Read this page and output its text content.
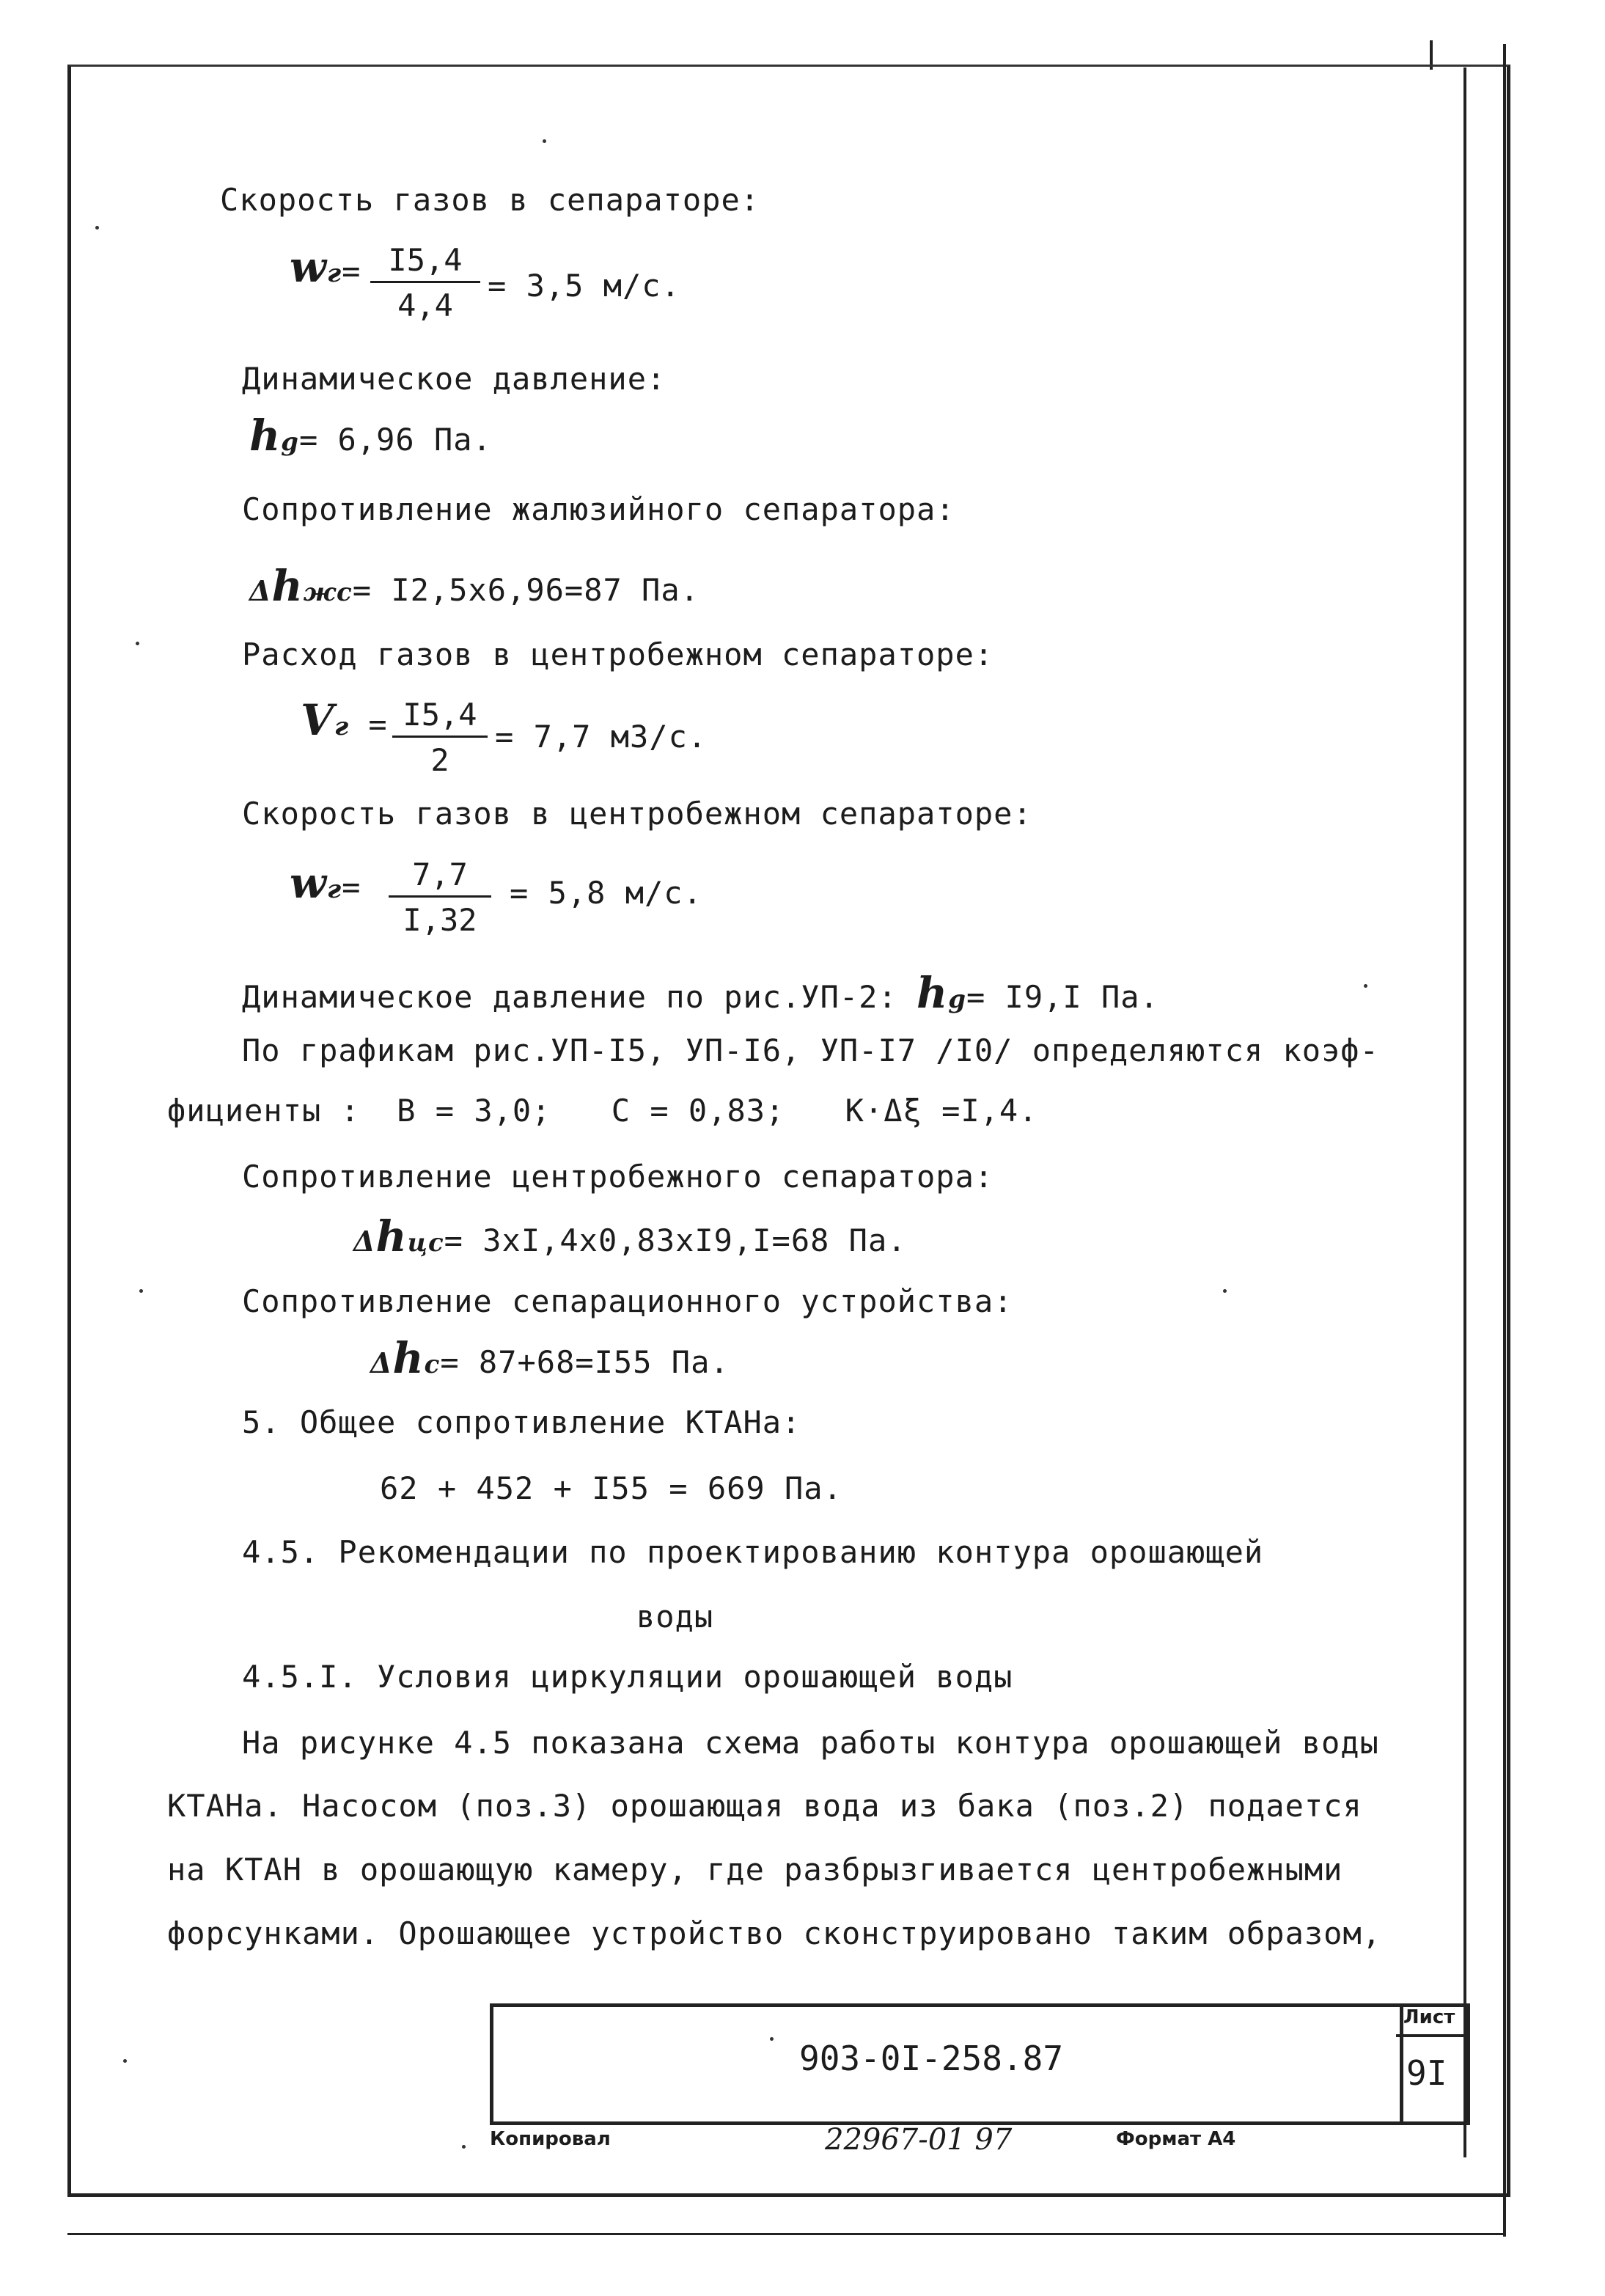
Скорость газов в сепараторе:
$wг= \frac{I5,4}{4,4} = 3,5$ м/с.
Динамическое давление:
hg= 6,96 Па.
Сопротивление жалюзийного сепаратора:
Δhжс= I2,5x6,96=87 Па.
Расход газов в центробежном сепараторе:
Vг = $\frac{I5,4}{2} = 7,7$ м3/с.
Скорость газов в центробежном сепараторе:
$wг= \frac{7,7}{I,32} = 5,8$ м/с.
Динамическое давление по рис.УП-2: hg= I9,I Па.
По графикам рис.УП-I5, УП-I6, УП-I7 /I0/ определяются коэф-
фициенты : B = 3,0; C = 0,83; K·Δξ =I,4.
Сопротивление центробежного сепаратора:
Δhцс= 3xI,4x0,83xI9,I=68 Па.
Сопротивление сепарационного устройства:
Δhс= 87+68=I55 Па.
5. Общее сопротивление КТАНа:
62 + 452 + I55 = 669 Па.
4.5. Рекомендации по проектированию контура орошающей
воды
4.5.I. Условия циркуляции орошающей воды
На рисунке 4.5 показана схема работы контура орошающей воды
КТАНа. Насосом (поз.3) орошающая вода из бака (поз.2) подается
на КТАН в орошающую камеру, где разбрызгивается центробежными
форсунками. Орошающее устройство сконструировано таким образом,
903-0I-258.87
Лист
9I
Копировал	22967-01 97	Формат А4
